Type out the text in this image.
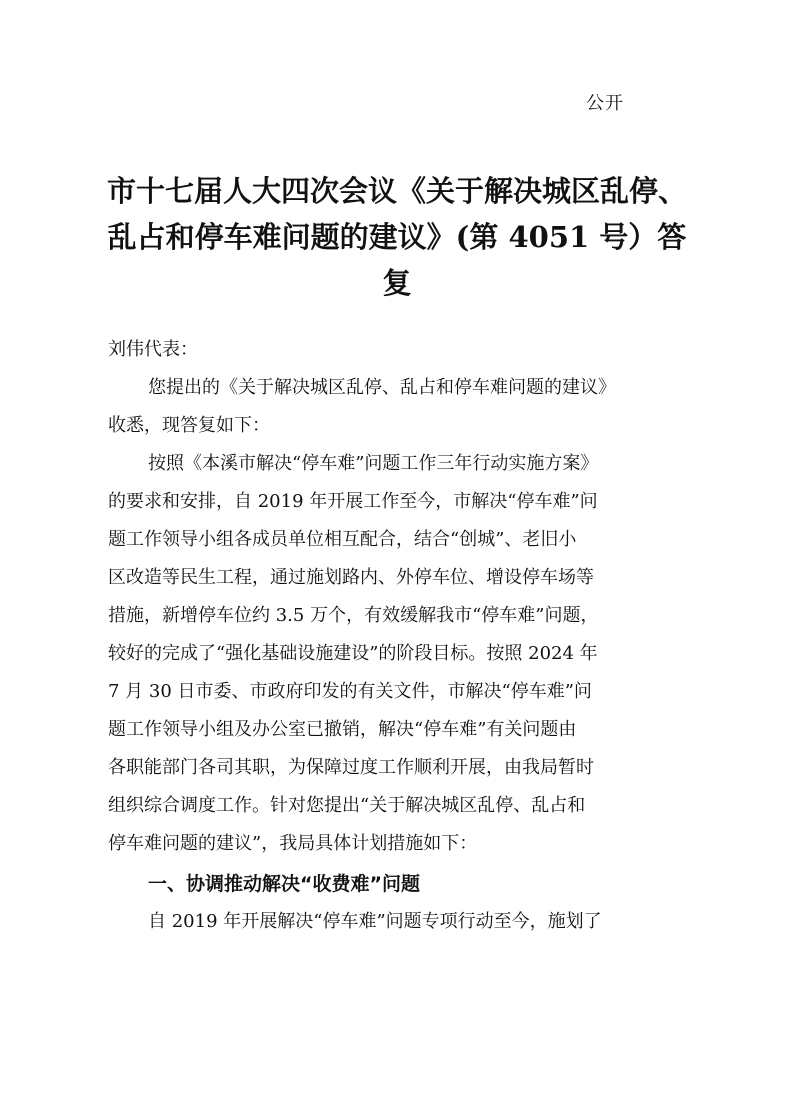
公开
市十七届人大四次会议《关于解决城区乱停、
乱占和停车难问题的建议》(第 4051 号）答
复
刘伟代表：
您提出的《关于解决城区乱停、乱占和停车难问题的建议》
收悉，现答复如下：
按照《本溪市解决“停车难”问题工作三年行动实施方案》
的要求和安排，自 2019 年开展工作至今，市解决“停车难”问
题工作领导小组各成员单位相互配合，结合“创城”、老旧小
区改造等民生工程，通过施划路内、外停车位、增设停车场等
措施，新增停车位约 3.5 万个，有效缓解我市“停车难”问题，
较好的完成了“强化基础设施建设”的阶段目标。按照 2024 年
7 月 30 日市委、市政府印发的有关文件，市解决“停车难”问
题工作领导小组及办公室已撤销，解决“停车难”有关问题由
各职能部门各司其职，为保障过度工作顺利开展，由我局暂时
组织综合调度工作。针对您提出“关于解决城区乱停、乱占和
停车难问题的建议”，我局具体计划措施如下：
一、协调推动解决“收费难”问题
自 2019 年开展解决“停车难”问题专项行动至今，施划了
